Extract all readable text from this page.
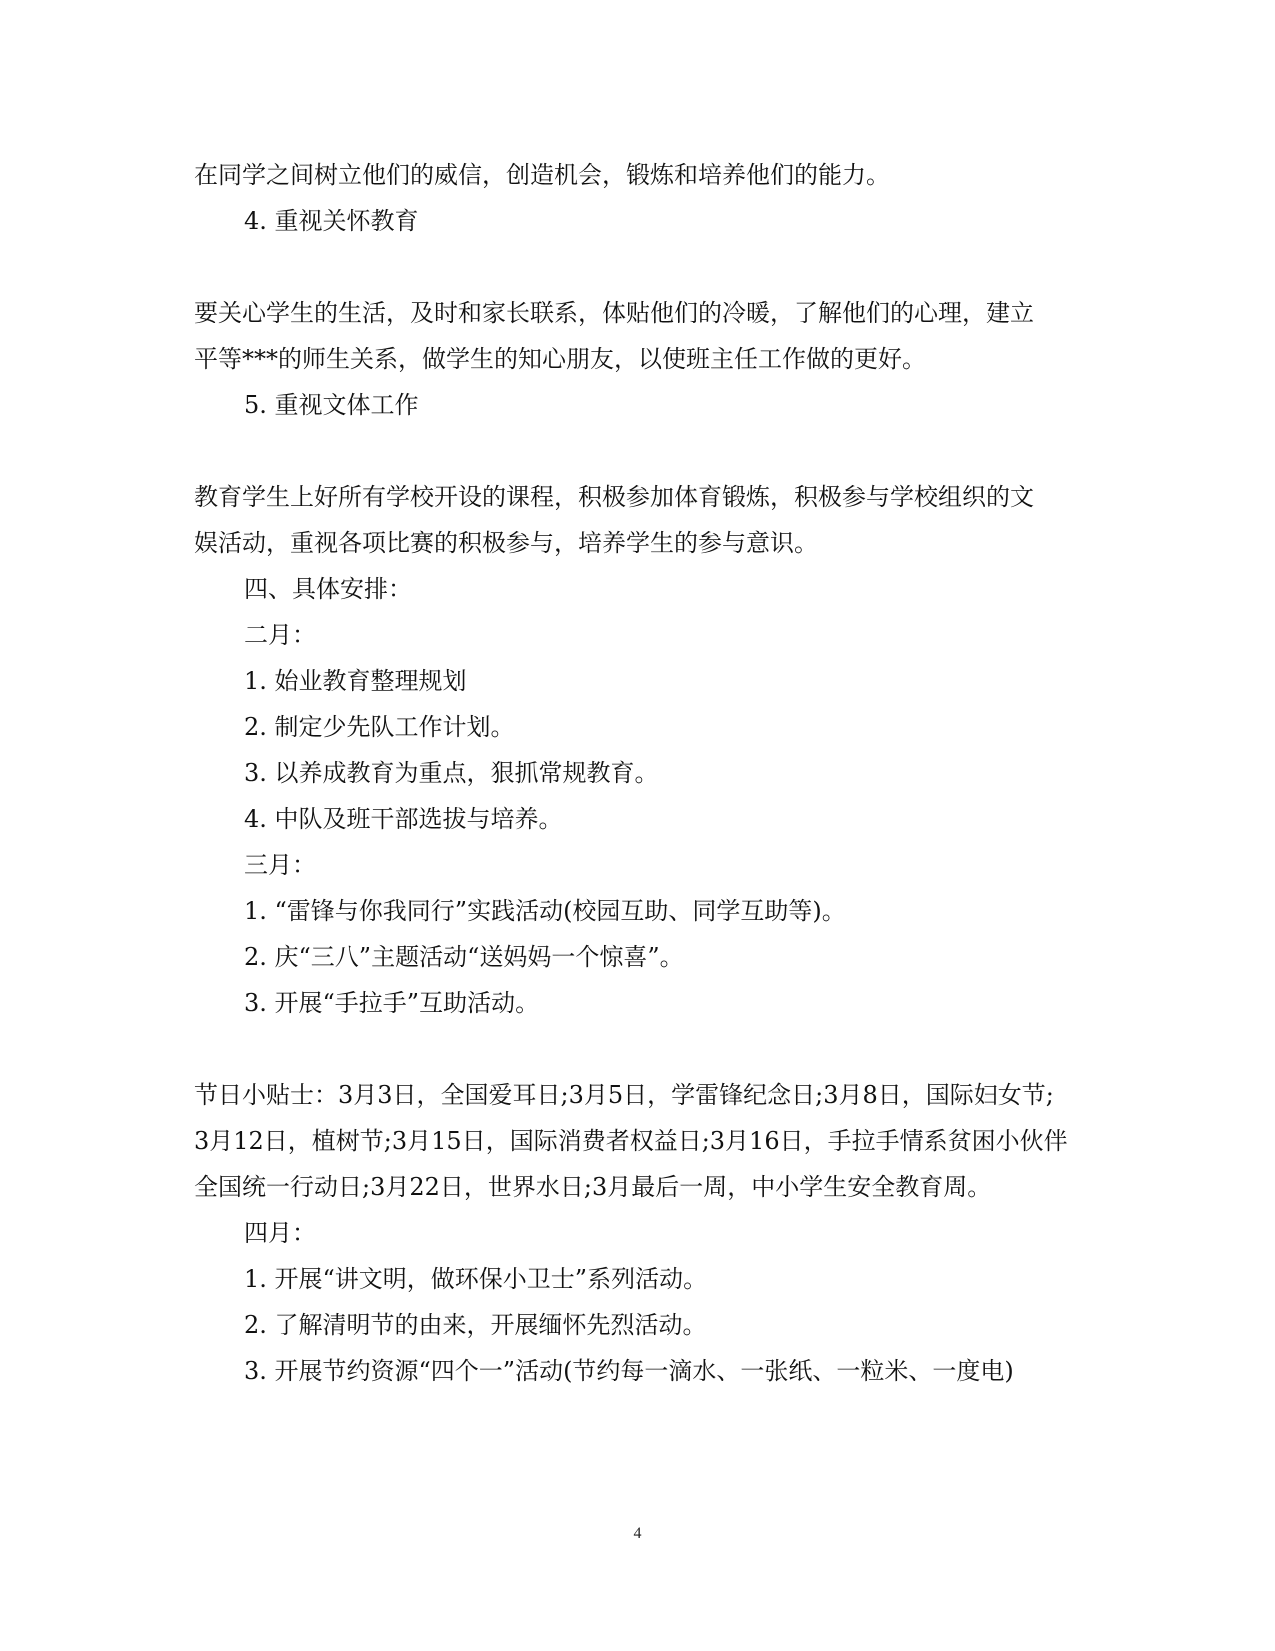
在同学之间树立他们的威信，创造机会，锻炼和培养他们的能力。
4. 重视关怀教育
要关心学生的生活，及时和家长联系，体贴他们的冷暖，了解他们的心理，建立
平等***的师生关系，做学生的知心朋友，以使班主任工作做的更好。
5. 重视文体工作
教育学生上好所有学校开设的课程，积极参加体育锻炼，积极参与学校组织的文
娱活动，重视各项比赛的积极参与，培养学生的参与意识。
四、具体安排：
二月：
1. 始业教育整理规划
2. 制定少先队工作计划。
3. 以养成教育为重点，狠抓常规教育。
4. 中队及班干部选拔与培养。
三月：
1. “雷锋与你我同行”实践活动(校园互助、同学互助等)。
2. 庆“三八”主题活动“送妈妈一个惊喜”。
3. 开展“手拉手”互助活动。
节日小贴士：3月3日，全国爱耳日;3月5日，学雷锋纪念日;3月8日，国际妇女节;
3月12日，植树节;3月15日，国际消费者权益日;3月16日，手拉手情系贫困小伙伴
全国统一行动日;3月22日，世界水日;3月最后一周，中小学生安全教育周。
四月：
1. 开展“讲文明，做环保小卫士”系列活动。
2. 了解清明节的由来，开展缅怀先烈活动。
3. 开展节约资源“四个一”活动(节约每一滴水、一张纸、一粒米、一度电)
4
